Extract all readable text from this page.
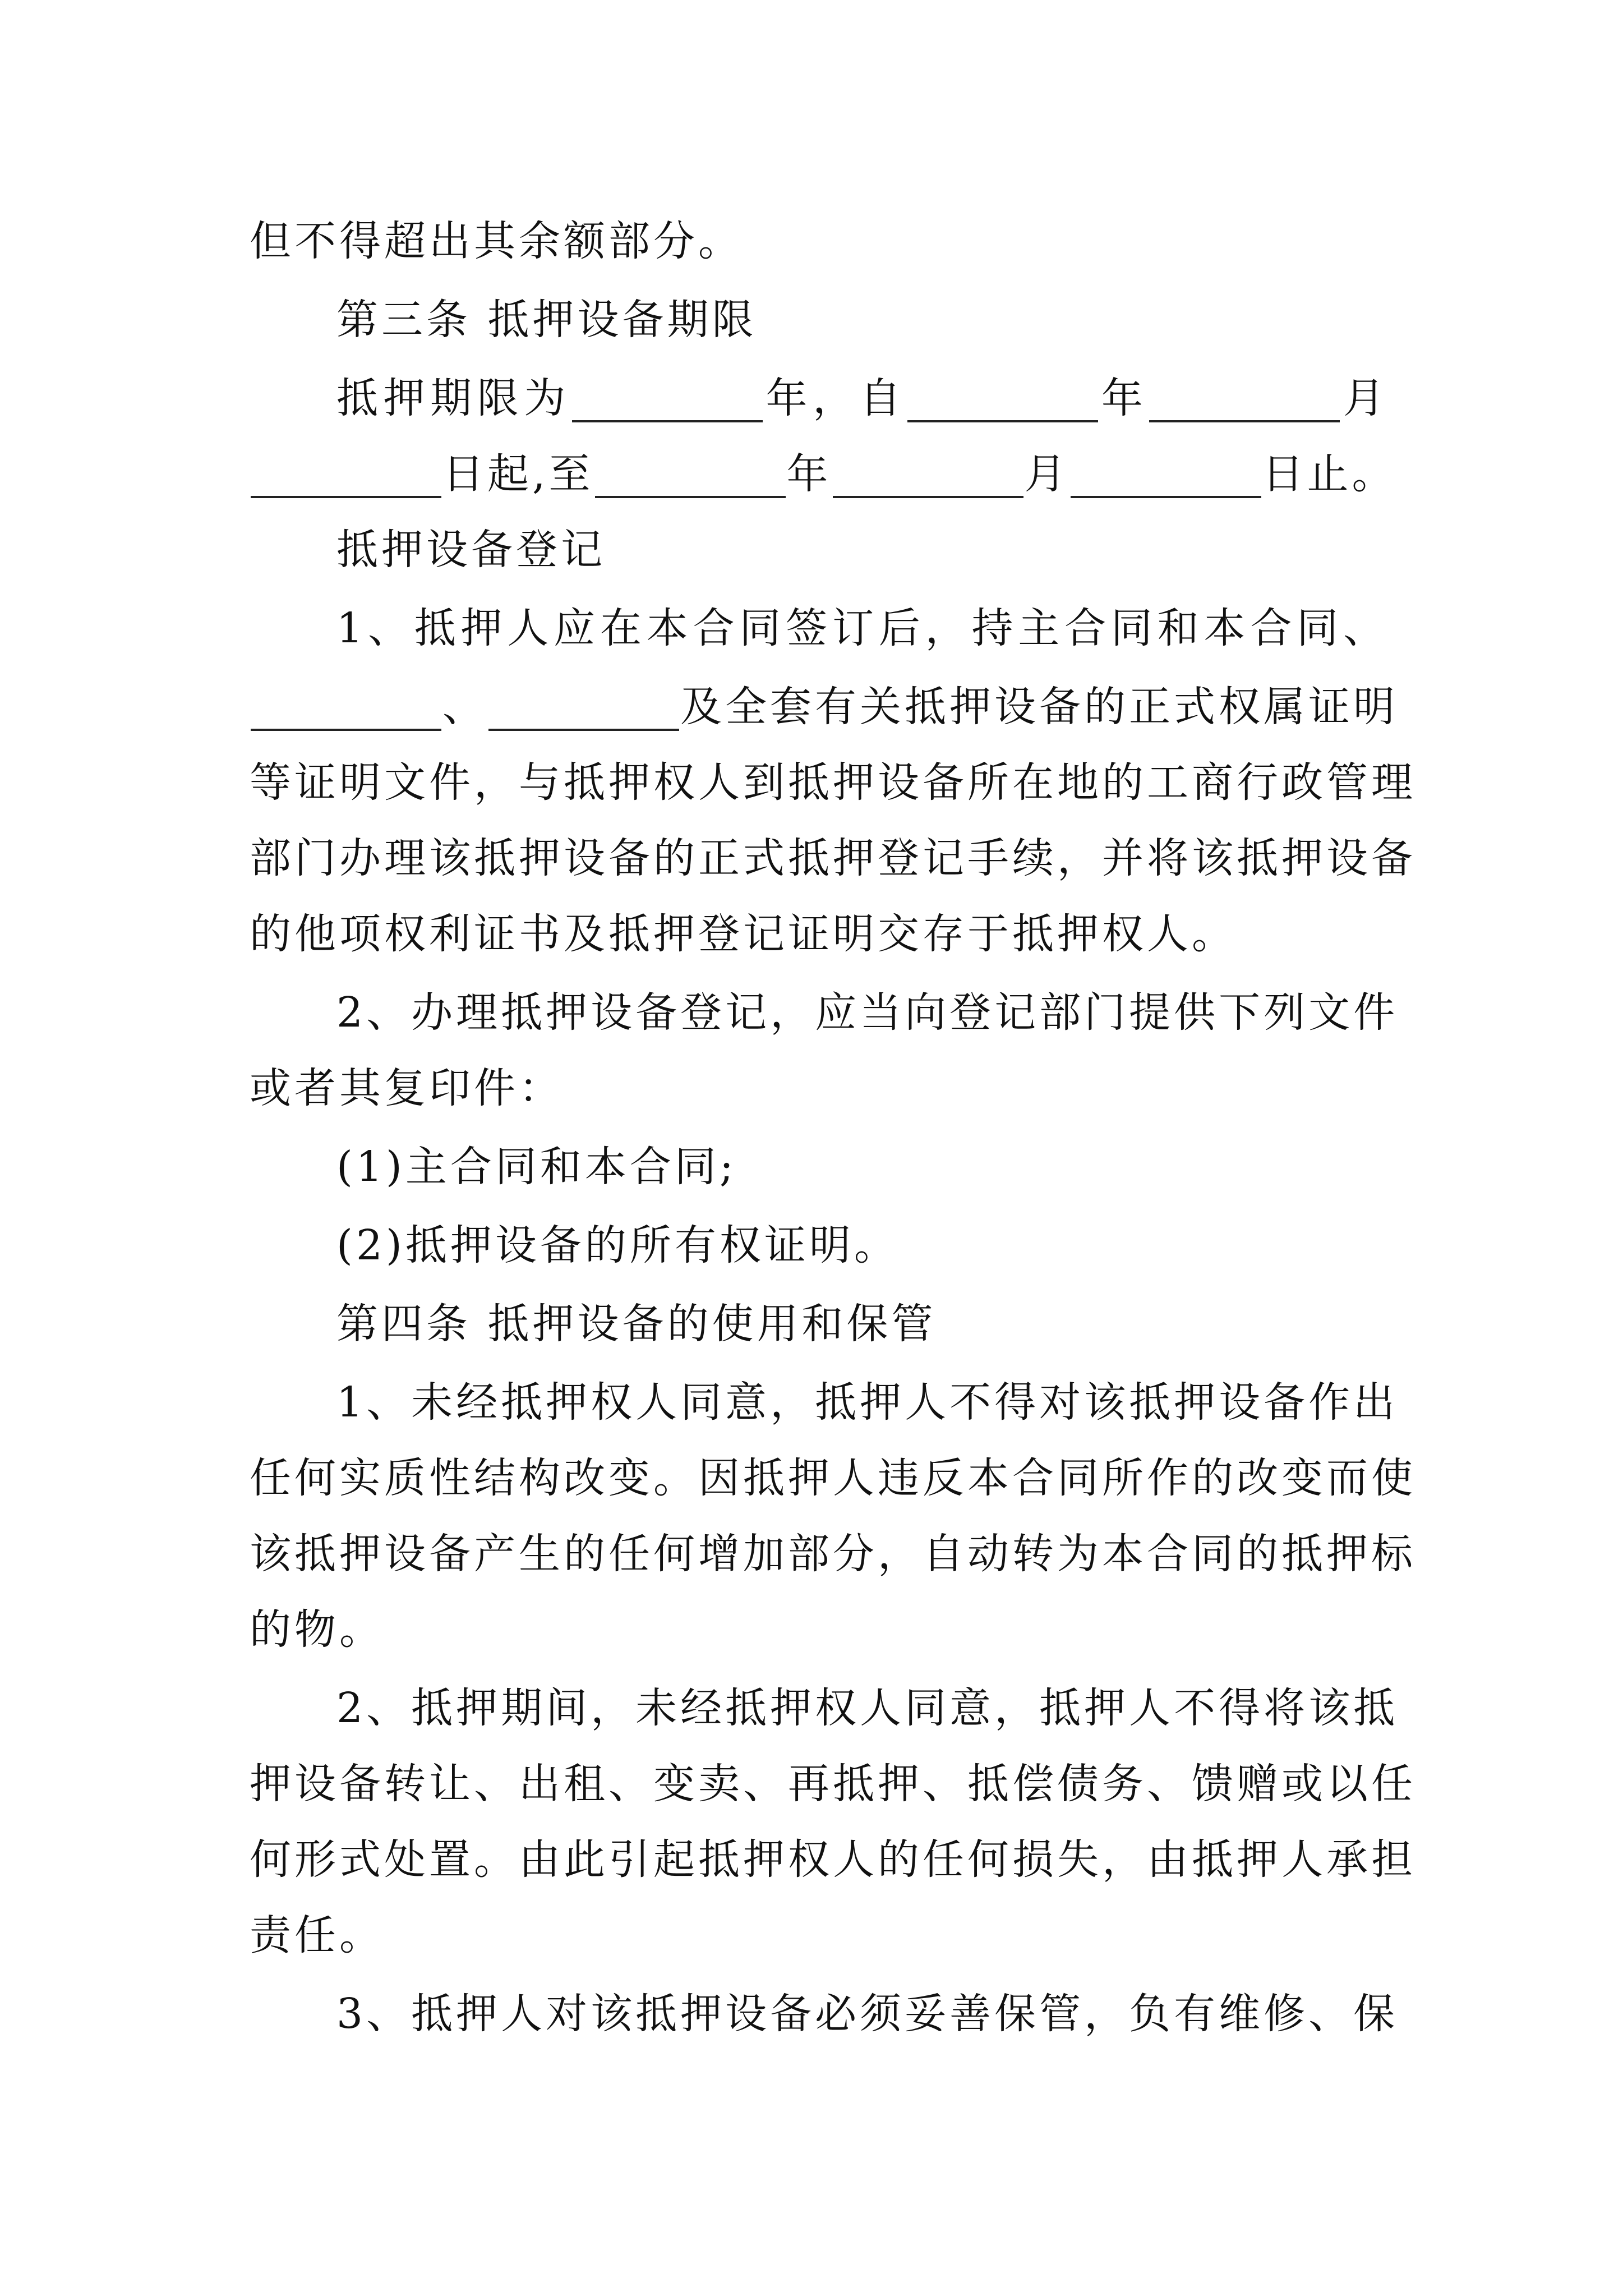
但不得超出其余额部分。
第三条 抵押设备期限
抵押期限为	年，自	年	月
日起,至	年	月	日止。
抵押设备登记
1、抵押人应在本合同签订后，持主合同和本合同、
、	及全套有关抵押设备的正式权属证明
等证明文件，与抵押权人到抵押设备所在地的工商行政管理
部门办理该抵押设备的正式抵押登记手续，并将该抵押设备
的他项权利证书及抵押登记证明交存于抵押权人。
2、办理抵押设备登记，应当向登记部门提供下列文件
或者其复印件：
(1)主合同和本合同;
(2)抵押设备的所有权证明。
第四条 抵押设备的使用和保管
1、未经抵押权人同意，抵押人不得对该抵押设备作出
任何实质性结构改变。因抵押人违反本合同所作的改变而使
该抵押设备产生的任何增加部分，自动转为本合同的抵押标
的物。
2、抵押期间，未经抵押权人同意，抵押人不得将该抵
押设备转让、出租、变卖、再抵押、抵偿债务、馈赠或以任
何形式处置。由此引起抵押权人的任何损失，由抵押人承担
责任。
3、抵押人对该抵押设备必须妥善保管，负有维修、保
